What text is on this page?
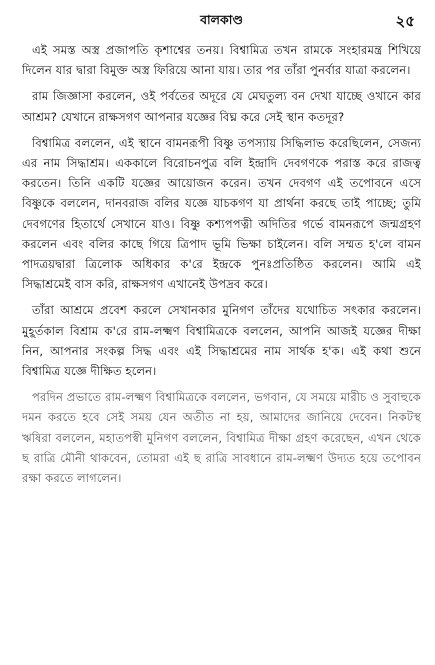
বালকাণ্ড	২৫

এই সমস্ত অস্ত্র প্রজাপতি কৃশাশ্বের তনয়। বিশ্বামিত্র তখন রামকে সংহারমন্ত্র শিখিয়ে দিলেন যার দ্বারা বিমুক্ত অস্ত্র ফিরিয়ে আনা যায়। তার পর তাঁরা পুনর্বার যাত্রা করলেন।

রাম জিজ্ঞাসা করলেন, ওই পর্বতের অদূরে যে মেঘতুল্য বন দেখা যাচ্ছে ওখানে কার আশ্রম? যেখানে রাক্ষসগণ আপনার যজ্ঞের বিঘ্ন করে সেই স্থান কতদূর?

বিশ্বামিত্র বললেন, এই স্থানে বামনরূপী বিষ্ণু তপস্যায় সিদ্ধিলাভ করেছিলেন, সেজন্য এর নাম সিদ্ধাশ্রম। এককালে বিরোচনপুত্র বলি ইন্দ্রাদি দেবগণকে পরাস্ত করে রাজত্ব করতেন। তিনি একটি যজ্ঞের আয়োজন করেন। তখন দেবগণ এই তপোবনে এসে বিষ্ণুকে বললেন, দানবরাজ বলির যজ্ঞে যাচকগণ যা প্রার্থনা করছে তাই পাচ্ছে; তুমি দেবগণের হিতার্থে সেখানে যাও। বিষ্ণু কশ্যপপত্নী অদিতির গর্ভে বামনরূপে জন্মগ্রহণ করলেন এবং বলির কাছে গিয়ে ত্রিপাদ ভূমি ভিক্ষা চাইলেন। বলি সম্মত হ'লে বামন পাদত্রয়দ্বারা ত্রিলোক অধিকার ক'রে ইন্দ্রকে পুনঃপ্রতিষ্ঠিত করলেন। আমি এই সিদ্ধাশ্রমেই বাস করি, রাক্ষসগণ এখানেই উপদ্রব করে।

তাঁরা আশ্রমে প্রবেশ করলে সেখানকার মুনিগণ তাঁদের যথোচিত সৎকার করলেন। মুহূর্তকাল বিশ্রাম ক'রে রাম-লক্ষ্মণ বিশ্বামিত্রকে বললেন, আপনি আজই যজ্ঞের দীক্ষা নিন, আপনার সংকল্প সিদ্ধ এবং এই সিদ্ধাশ্রমের নাম সার্থক হ'ক। এই কথা শুনে বিশ্বামিত্র যজ্ঞে দীক্ষিত হলেন।

পরদিন প্রভাতে রাম-লক্ষ্মণ বিশ্বামিত্রকে বললেন, ভগবান, যে সময়ে মারীচ ও সুবাহুকে দমন করতে হবে সেই সময় যেন অতীত না হয়, আমাদের জানিয়ে দেবেন। নিকটস্থ ঋষিরা বললেন, মহাতপস্বী মুনিগণ বললেন, বিশ্বামিত্র দীক্ষা গ্রহণ করেছেন, এখন থেকে ছ রাত্রি মৌনী থাকবেন, তোমরা এই ছ রাত্রি সাবধানে রাম-লক্ষ্মণ উদ্যত হয়ে তপোবন রক্ষা করতে লাগলেন।
